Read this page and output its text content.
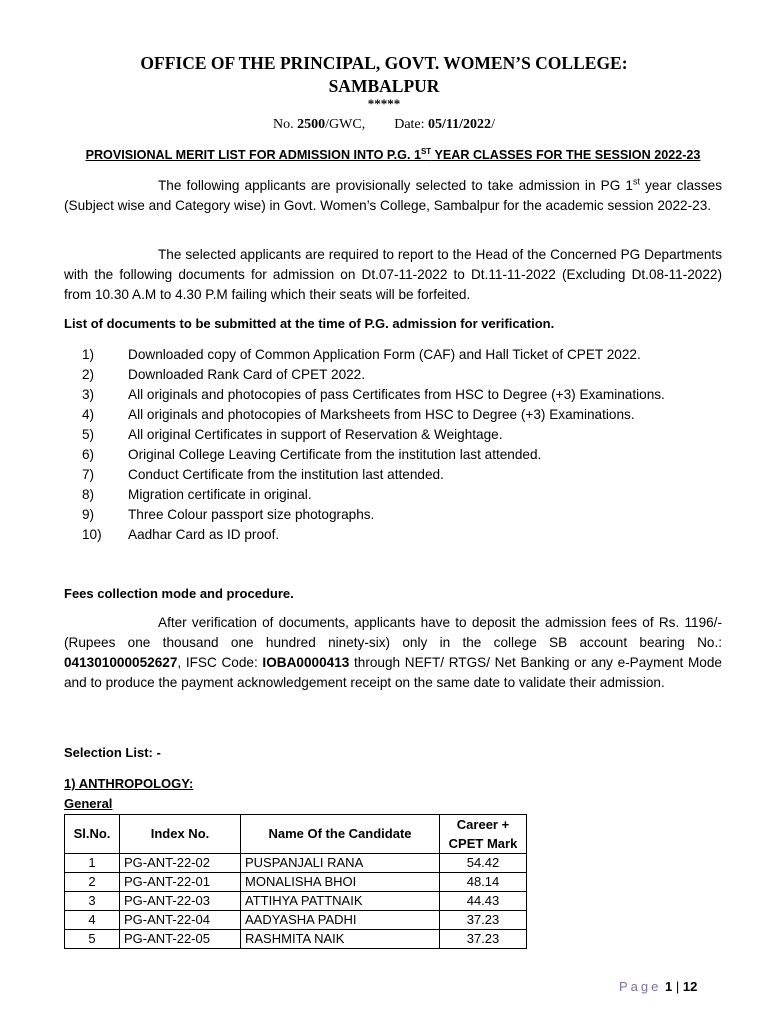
OFFICE OF THE PRINCIPAL, GOVT. WOMEN’S COLLEGE:
SAMBALPUR
*****
No. 2500/GWC, Date: 05/11/2022/
PROVISIONAL MERIT LIST FOR ADMISSION INTO P.G. 1ST YEAR CLASSES FOR THE SESSION 2022-23
The following applicants are provisionally selected to take admission in PG 1st year classes (Subject wise and Category wise) in Govt. Women’s College, Sambalpur for the academic session 2022-23.
The selected applicants are required to report to the Head of the Concerned PG Departments with the following documents for admission on Dt.07-11-2022 to Dt.11-11-2022 (Excluding Dt.08-11-2022) from 10.30 A.M to 4.30 P.M failing which their seats will be forfeited.
List of documents to be submitted at the time of P.G. admission for verification.
1) Downloaded copy of Common Application Form (CAF) and Hall Ticket of CPET 2022.
2) Downloaded Rank Card of CPET 2022.
3) All originals and photocopies of pass Certificates from HSC to Degree (+3) Examinations.
4) All originals and photocopies of Marksheets from HSC to Degree (+3) Examinations.
5) All original Certificates in support of Reservation & Weightage.
6) Original College Leaving Certificate from the institution last attended.
7) Conduct Certificate from the institution last attended.
8) Migration certificate in original.
9) Three Colour passport size photographs.
10) Aadhar Card as ID proof.
Fees collection mode and procedure.
After verification of documents, applicants have to deposit the admission fees of Rs. 1196/- (Rupees one thousand one hundred ninety-six) only in the college SB account bearing No.: 041301000052627, IFSC Code: IOBA0000413 through NEFT/ RTGS/ Net Banking or any e-Payment Mode and to produce the payment acknowledgement receipt on the same date to validate their admission.
Selection List: -
1) ANTHROPOLOGY:
General
Sl.No.	Index No.	Name Of the Candidate	Career +
CPET Mark
1	PG-ANT-22-02	PUSPANJALI RANA	54.42
2	PG-ANT-22-01	MONALISHA BHOI	48.14
3	PG-ANT-22-03	ATTIHYA PATTNAIK	44.43
4	PG-ANT-22-04	AADYASHA PADHI	37.23
5	PG-ANT-22-05	RASHMITA NAIK	37.23
Page 1 | 12
